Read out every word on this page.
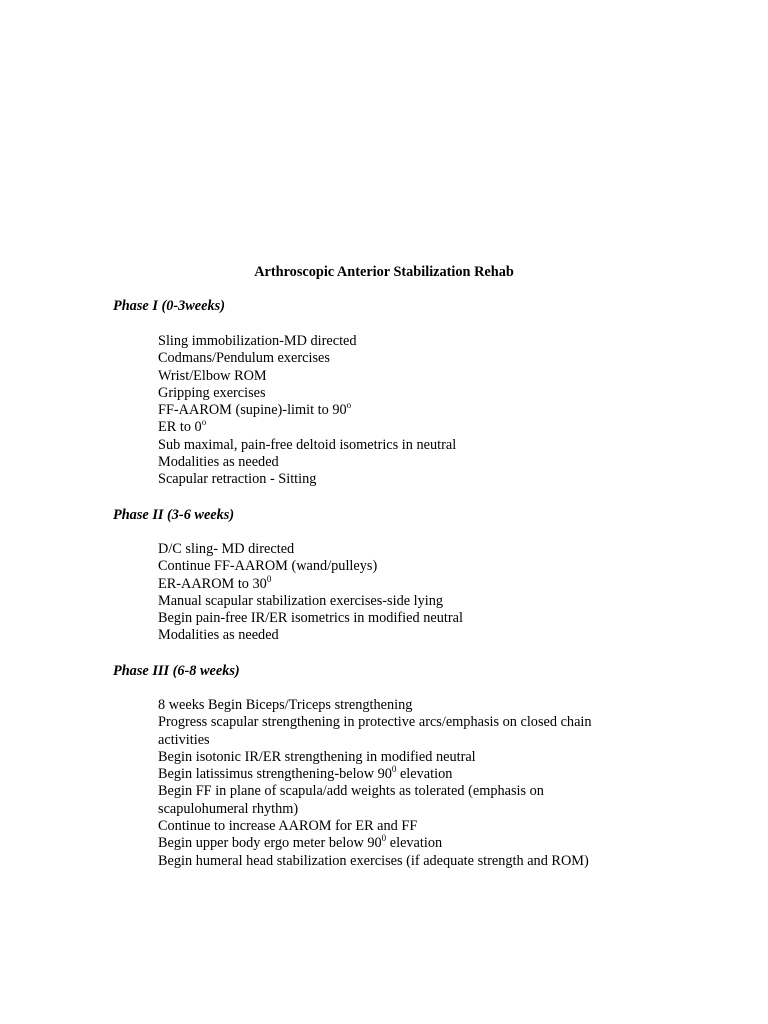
Arthroscopic Anterior Stabilization Rehab
Phase I (0-3weeks)
Sling immobilization-MD directed
Codmans/Pendulum exercises
Wrist/Elbow ROM
Gripping exercises
FF-AAROM (supine)-limit to 90$^o$
ER to 0$^o$
Sub maximal, pain-free deltoid isometrics in neutral
Modalities as needed
Scapular retraction - Sitting
Phase II (3-6 weeks)
D/C sling- MD directed
Continue FF-AAROM (wand/pulleys)
ER-AAROM to $30^0$
Manual scapular stabilization exercises-side lying
Begin pain-free IR/ER isometrics in modified neutral
Modalities as needed
Phase III (6-8 weeks)
8 weeks Begin Biceps/Triceps strengthening
Progress scapular strengthening in protective arcs/emphasis on closed chain activities
Begin isotonic IR/ER strengthening in modified neutral
Begin latissimus strengthening-below $90^0$ elevation
Begin FF in plane of scapula/add weights as tolerated (emphasis on scapulohumeral rhythm)
Continue to increase AAROM for ER and FF
Begin upper body ergo meter below $90^0$ elevation
Begin humeral head stabilization exercises (if adequate strength and ROM)
